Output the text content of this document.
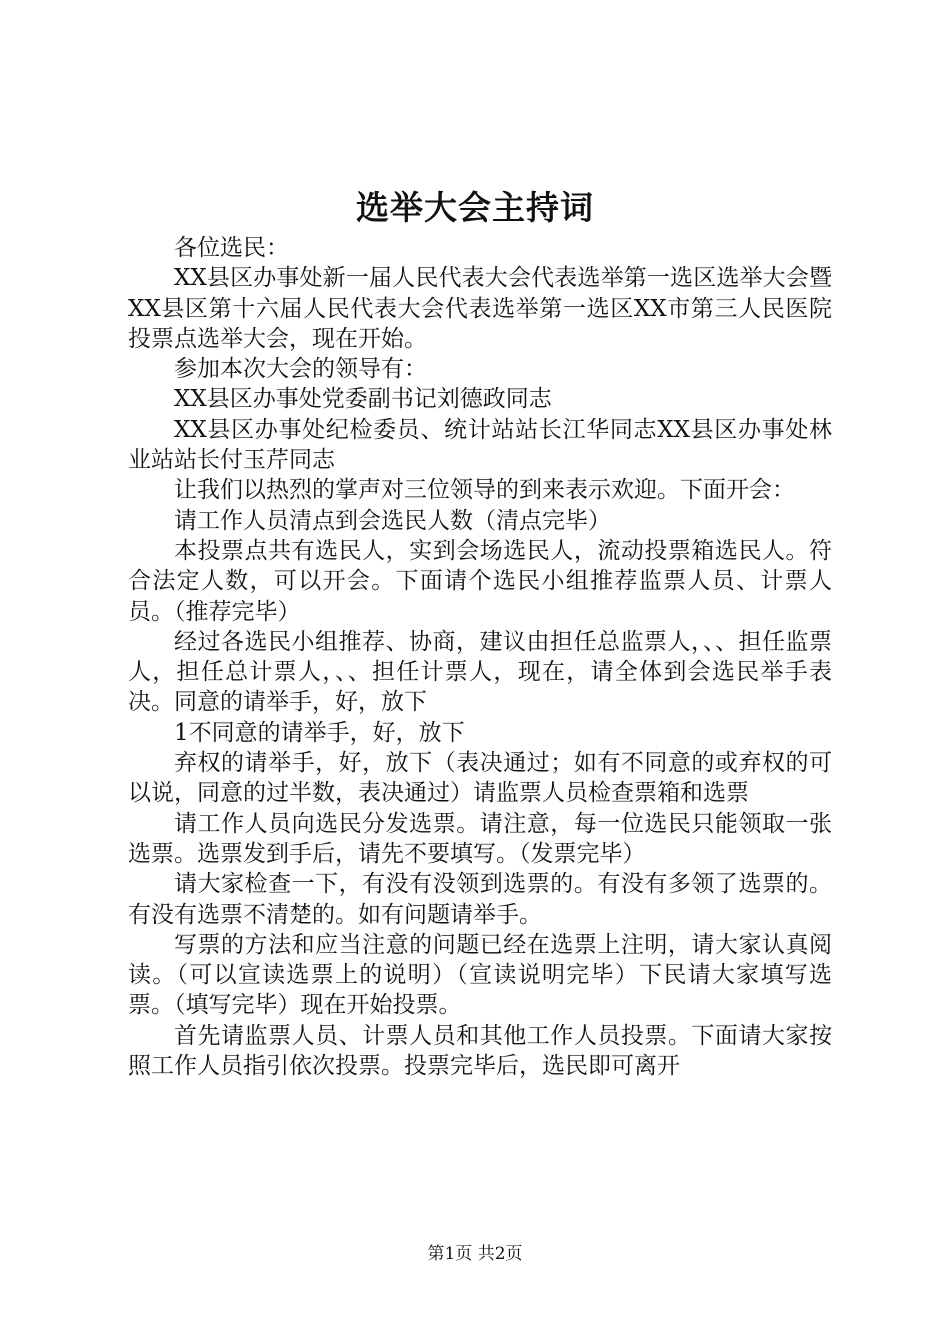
选举大会主持词

各位选民：

XX县区办事处新一届人民代表大会代表选举第一选区选举大会暨XX县区第十六届人民代表大会代表选举第一选区XX市第三人民医院投票点选举大会，现在开始。

参加本次大会的领导有：

XX县区办事处党委副书记刘德政同志

XX县区办事处纪检委员、统计站站长江华同志XX县区办事处林业站站长付玉芹同志

让我们以热烈的掌声对三位领导的到来表示欢迎。下面开会：

请工作人员清点到会选民人数（清点完毕）

本投票点共有选民人，实到会场选民人，流动投票箱选民人。符合法定人数，可以开会。下面请个选民小组推荐监票人员、计票人员。（推荐完毕）

经过各选民小组推荐、协商，建议由担任总监票人，、、担任监票人，担任总计票人，、、担任计票人，现在，请全体到会选民举手表决。同意的请举手，好，放下

1不同意的请举手，好，放下

弃权的请举手，好，放下（表决通过；如有不同意的或弃权的可以说，同意的过半数，表决通过）请监票人员检查票箱和选票

请工作人员向选民分发选票。请注意，每一位选民只能领取一张选票。选票发到手后，请先不要填写。（发票完毕）

请大家检查一下，有没有没领到选票的。有没有多领了选票的。有没有选票不清楚的。如有问题请举手。

写票的方法和应当注意的问题已经在选票上注明，请大家认真阅读。（可以宣读选票上的说明）（宣读说明完毕）下民请大家填写选票。（填写完毕）现在开始投票。

首先请监票人员、计票人员和其他工作人员投票。下面请大家按照工作人员指引依次投票。投票完毕后，选民即可离开

第1页 共2页
